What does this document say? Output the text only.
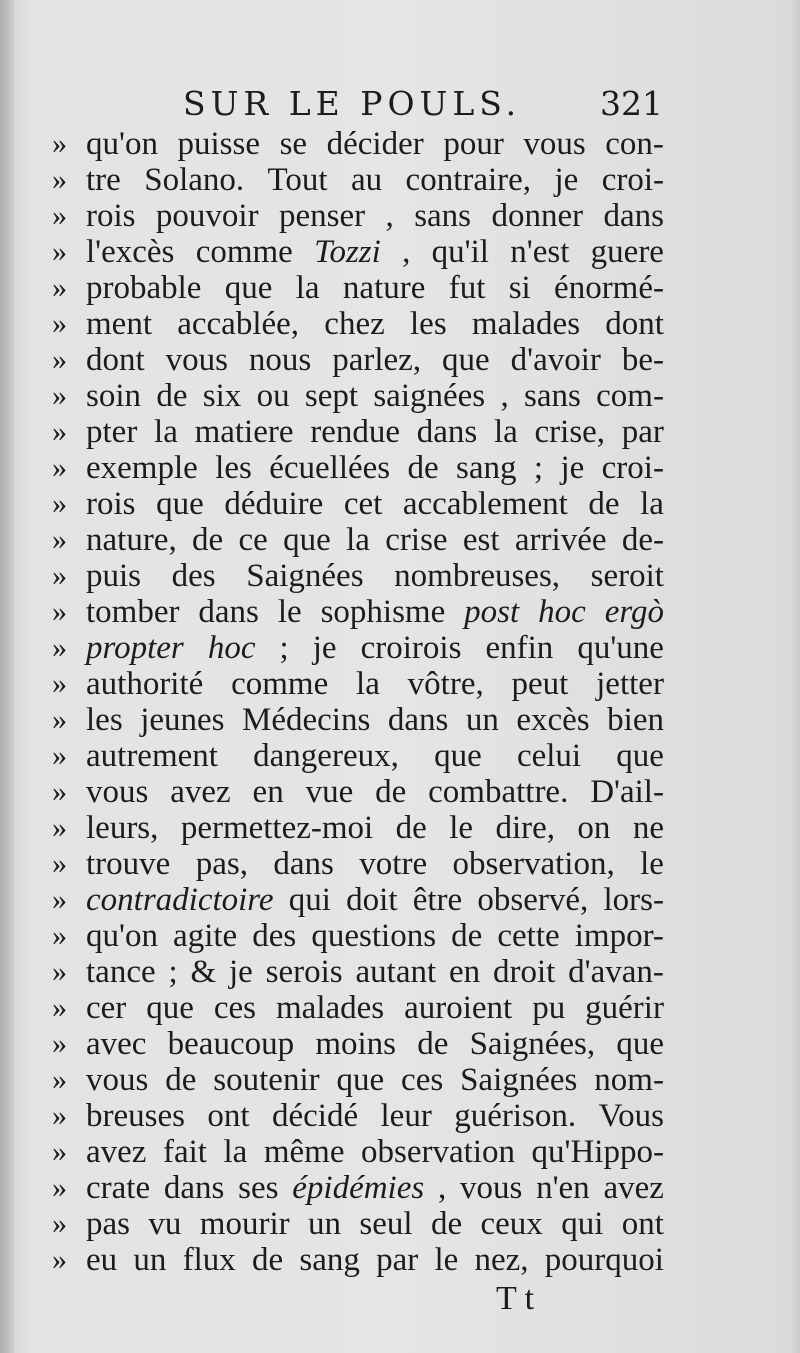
SUR LE POULS. 321
» qu'on puisse se décider pour vous con-
» tre Solano. Tout au contraire, je croi-
» rois pouvoir penser , sans donner dans
» l'excès comme Tozzi , qu'il n'est guere
» probable que la nature fut si énormé-
» ment accablée, chez les malades dont
» dont vous nous parlez, que d'avoir be-
» soin de six ou sept saignées , sans com-
» pter la matiere rendue dans la crise, par
» exemple les écuellées de sang ; je croi-
» rois que déduire cet accablement de la
» nature, de ce que la crise est arrivée de-
» puis des Saignées nombreuses, seroit
» tomber dans le sophisme post hoc ergò
» propter hoc ; je croirois enfin qu'une
» authorité comme la vôtre, peut jetter
» les jeunes Médecins dans un excès bien
» autrement dangereux, que celui que
» vous avez en vue de combattre. D'ail-
» leurs, permettez-moi de le dire, on ne
» trouve pas, dans votre observation, le
» contradictoire qui doit être observé, lors-
» qu'on agite des questions de cette impor-
» tance ; & je serois autant en droit d'avan-
» cer que ces malades auroient pu guérir
» avec beaucoup moins de Saignées, que
» vous de soutenir que ces Saignées nom-
» breuses ont décidé leur guérison. Vous
» avez fait la même observation qu'Hippo-
» crate dans ses épidémies , vous n'en avez
» pas vu mourir un seul de ceux qui ont
» eu un flux de sang par le nez, pourquoi
T t
